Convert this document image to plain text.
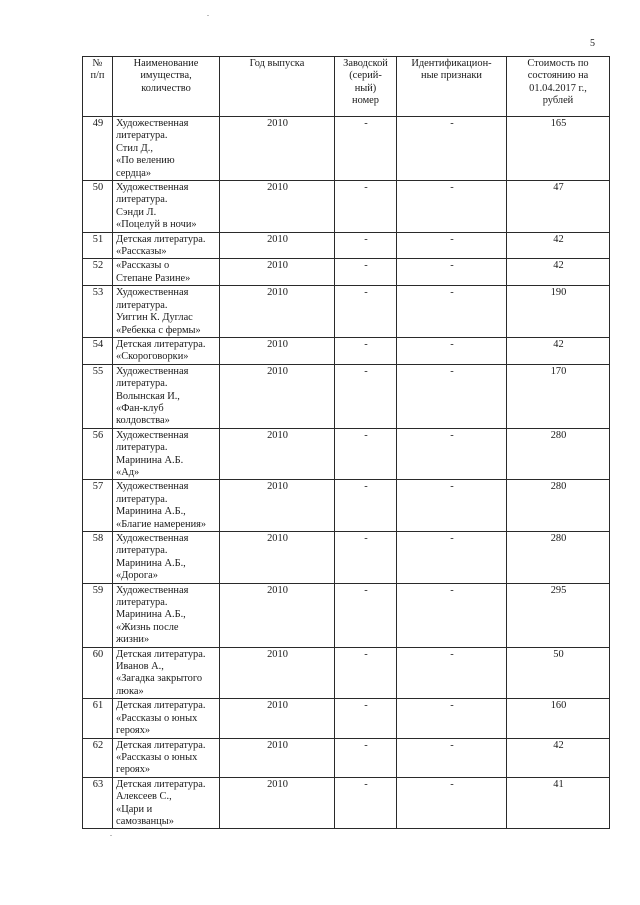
5
№
п/п	Наименование
имущества,
количество	Год выпуска	Заводской
(серий-
ный)
номер	Идентификацион-
ные признаки	Стоимость по
состоянию на
01.04.2017 г.,
рублей
49	Художественная
литература.
Стил Д.,
«По велению
сердца»	2010	-	-	165
50	Художественная
литература.
Сэнди Л.
«Поцелуй в ночи»	2010	-	-	47
51	Детская литература.
«Рассказы»	2010	-	-	42
52	«Рассказы о
Степане Разине»	2010	-	-	42
53	Художественная
литература.
Уиггин К. Дуглас
«Ребекка с фермы»	2010	-	-	190
54	Детская литература.
«Скороговорки»	2010	-	-	42
55	Художественная
литература.
Волынская И.,
«Фан-клуб
колдовства»	2010	-	-	170
56	Художественная
литература.
Маринина А.Б.
«Ад»	2010	-	-	280
57	Художественная
литература.
Маринина А.Б.,
«Благие намерения»	2010	-	-	280
58	Художественная
литература.
Маринина А.Б.,
«Дорога»	2010	-	-	280
59	Художественная
литература.
Маринина А.Б.,
«Жизнь после
жизни»	2010	-	-	295
60	Детская литература.
Иванов А.,
«Загадка закрытого
люка»	2010	-	-	50
61	Детская литература.
«Рассказы о юных
героях»	2010	-	-	160
62	Детская литература.
«Рассказы о юных
героях»	2010	-	-	42
63	Детская литература.
Алексеев С.,
«Цари и
самозванцы»	2010	-	-	41
